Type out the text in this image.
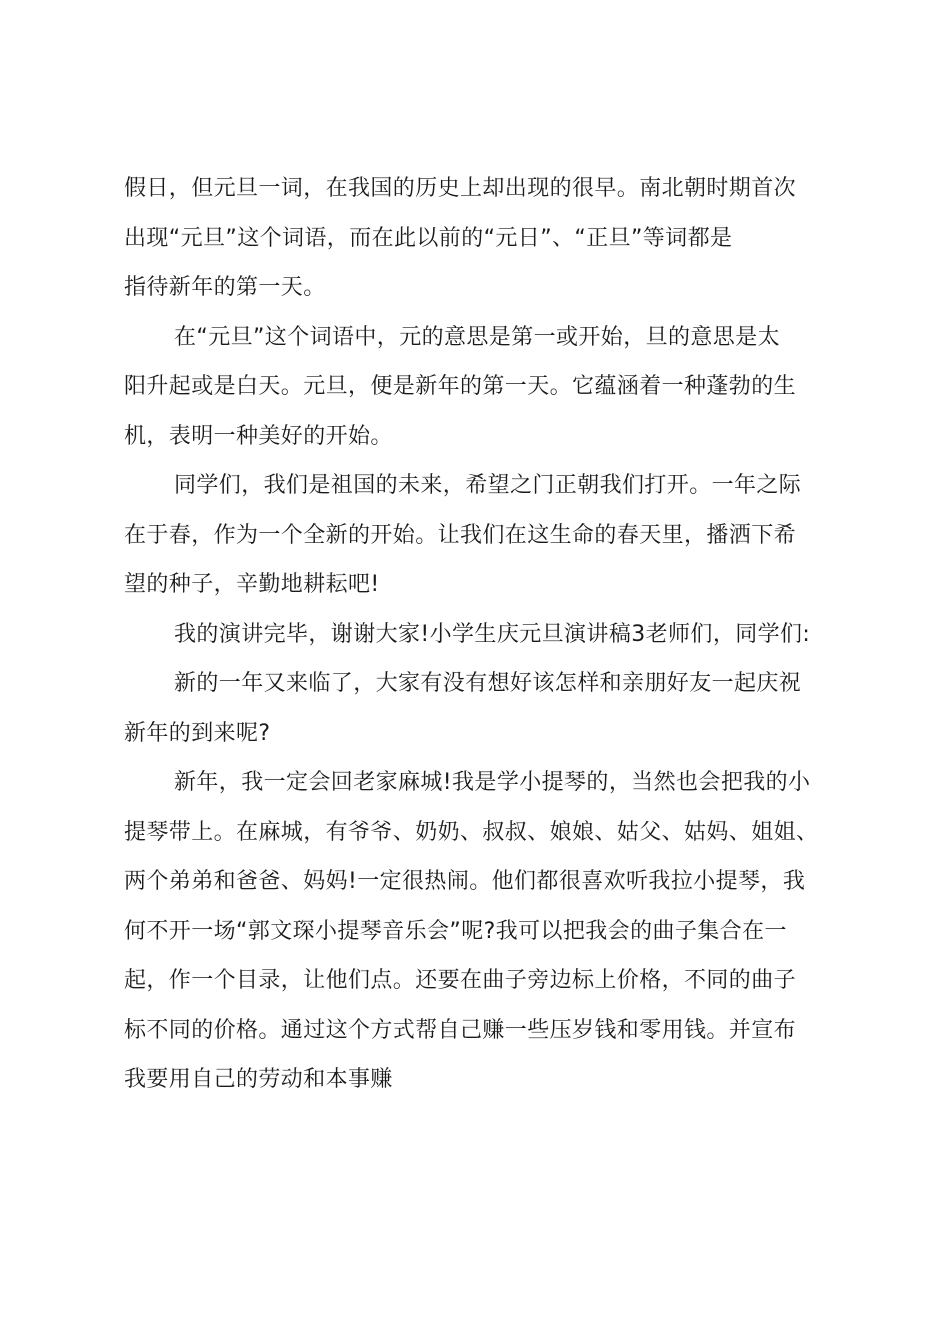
假日，但元旦一词，在我国的历史上却出现的很早。南北朝时期首次
出现“元旦”这个词语，而在此以前的“元日”、“正旦”等词都是
指待新年的第一天。
在“元旦”这个词语中，元的意思是第一或开始，旦的意思是太
阳升起或是白天。元旦，便是新年的第一天。它蕴涵着一种蓬勃的生
机，表明一种美好的开始。
同学们，我们是祖国的未来，希望之门正朝我们打开。一年之际
在于春，作为一个全新的开始。让我们在这生命的春天里，播洒下希
望的种子，辛勤地耕耘吧!
我的演讲完毕，谢谢大家!小学生庆元旦演讲稿3老师们，同学们:
新的一年又来临了，大家有没有想好该怎样和亲朋好友一起庆祝
新年的到来呢?
新年，我一定会回老家麻城!我是学小提琴的，当然也会把我的小
提琴带上。在麻城，有爷爷、奶奶、叔叔、娘娘、姑父、姑妈、姐姐、
两个弟弟和爸爸、妈妈!一定很热闹。他们都很喜欢听我拉小提琴，我
何不开一场“郭文琛小提琴音乐会”呢?我可以把我会的曲子集合在一
起，作一个目录，让他们点。还要在曲子旁边标上价格，不同的曲子
标不同的价格。通过这个方式帮自己赚一些压岁钱和零用钱。并宣布
我要用自己的劳动和本事赚
